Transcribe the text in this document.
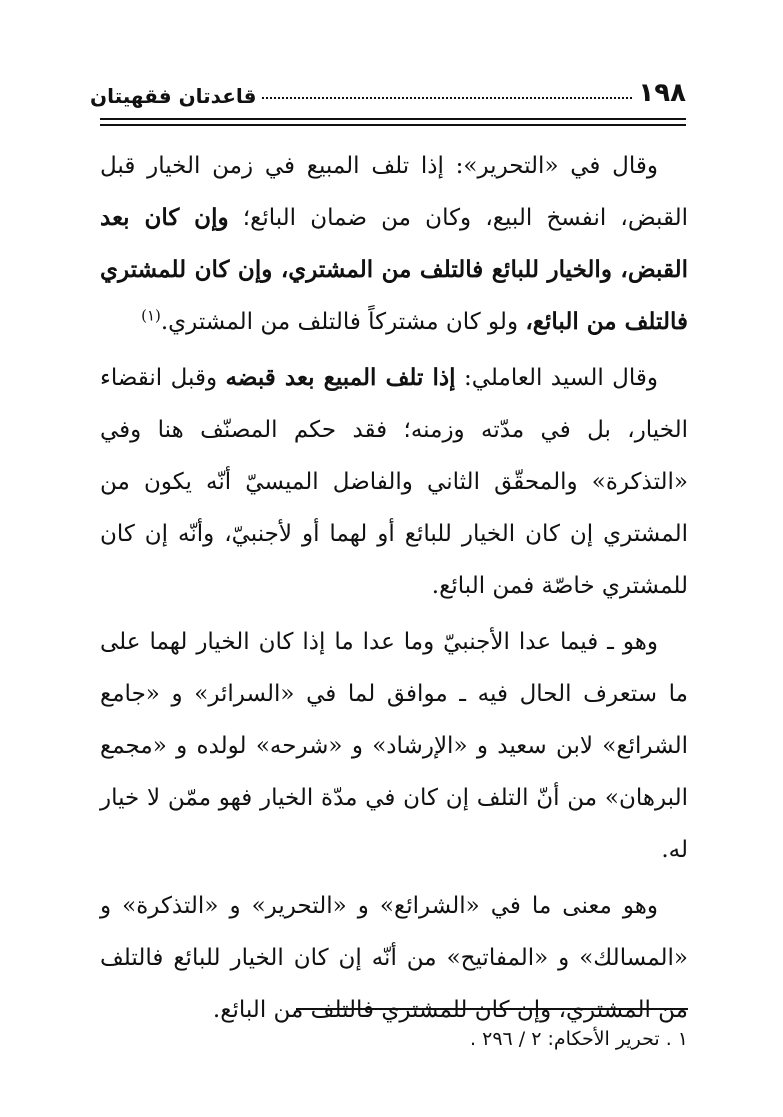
١٩٨
قاعدتان فقهيتان

وقال في «التحرير»: إذا تلف المبيع في زمن الخيار قبل القبض، انفسخ البيع، وكان من ضمان البائع؛ وإن كان بعد القبض، والخيار للبائع فالتلف من المشتري، وإن كان للمشتري فالتلف من البائع، ولو كان مشتركاً فالتلف من المشتري.$^{(١)}$

وقال السيد العاملي: إذا تلف المبيع بعد قبضه وقبل انقضاء الخيار، بل في مدّته وزمنه؛ فقد حكم المصنّف هنا وفي «التذكرة» والمحقّق الثاني والفاضل الميسيّ أنّه يكون من المشتري إن كان الخيار للبائع أو لهما أو لأجنبيّ، وأنّه إن كان للمشتري خاصّة فمن البائع.

وهو ـ فيما عدا الأجنبيّ وما عدا ما إذا كان الخيار لهما على ما ستعرف الحال فيه ـ موافق لما في «السرائر» و «جامع الشرائع» لابن سعيد و «الإرشاد» و «شرحه» لولده و «مجمع البرهان» من أنّ التلف إن كان في مدّة الخيار فهو ممّن لا خيار له.

وهو معنى ما في «الشرائع» و «التحرير» و «التذكرة» و «المسالك» و «المفاتيح» من أنّه إن كان الخيار للبائع فالتلف من المشتري، وإن كان للمشتري فالتلف من البائع.

١ . تحرير الأحكام: ٢ / ٢٩٦ .
